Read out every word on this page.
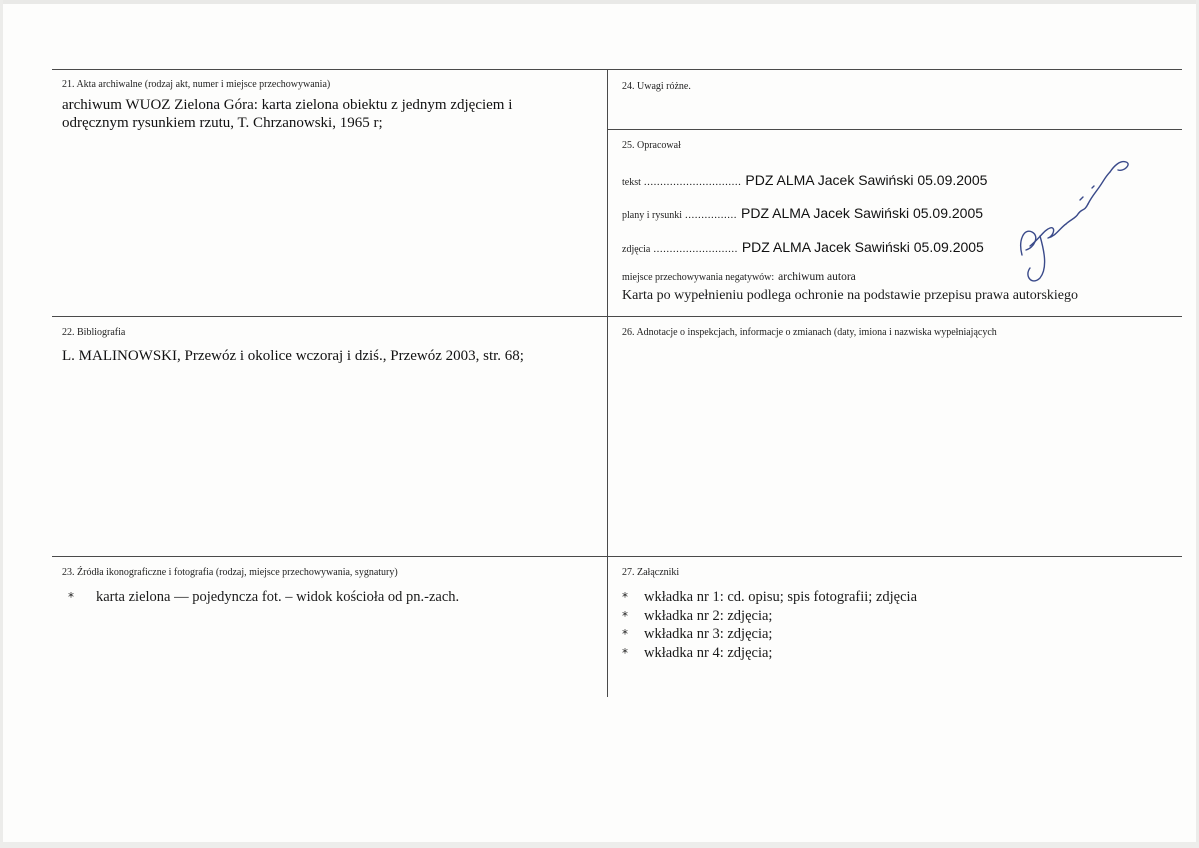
21. Akta archiwalne (rodzaj akt, numer i miejsce przechowywania)
archiwum WUOZ Zielona Góra: karta zielona obiektu z jednym zdjęciem i
odręcznym rysunkiem rzutu, T. Chrzanowski, 1965 r;
24. Uwagi różne.
25. Opracował
tekst .............................. PDZ ALMA Jacek Sawiński 05.09.2005
plany i rysunki ................ PDZ ALMA Jacek Sawiński 05.09.2005
zdjęcia .......................... PDZ ALMA Jacek Sawiński 05.09.2005
miejsce przechowywania negatywów: archiwum autora
Karta po wypełnieniu podlega ochronie na podstawie przepisu prawa autorskiego
22. Bibliografia
L. MALINOWSKI, Przewóz i okolice wczoraj i dziś., Przewóz 2003, str. 68;
26. Adnotacje o inspekcjach, informacje o zmianach (daty, imiona i nazwiska wypełniających
23. Źródła ikonograficzne i fotografia (rodzaj, miejsce przechowywania, sygnatury)
*	karta zielona — pojedyncza fot. – widok kościoła od pn.-zach.
27. Załączniki
*	wkładka nr 1: cd. opisu; spis fotografii; zdjęcia
*	wkładka nr 2: zdjęcia;
*	wkładka nr 3: zdjęcia;
*	wkładka nr 4: zdjęcia;
